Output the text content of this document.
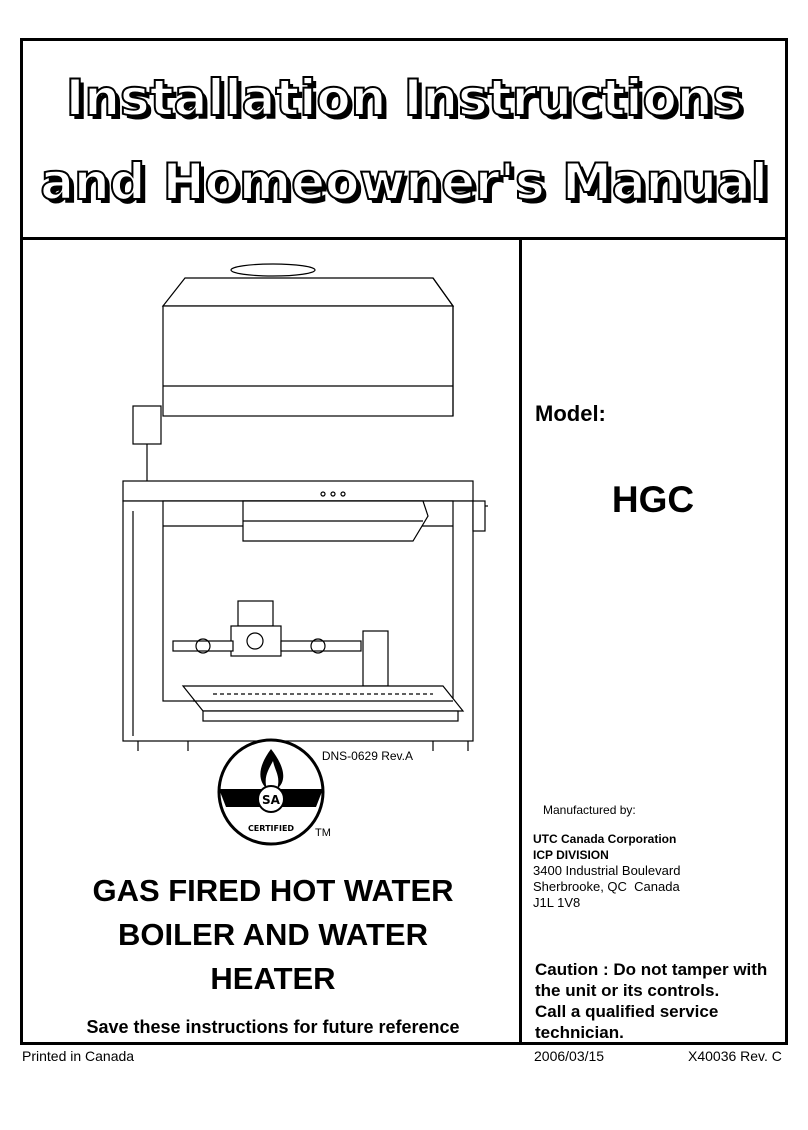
Installation Instructions
and Homeowner's Manual
DNS-0629 Rev.A
SA
CERTIFIED TM
GAS FIRED HOT WATER
BOILER AND WATER
HEATER
Save these instructions for future reference
Model:
HGC
Manufactured by:
UTC Canada Corporation
ICP DIVISION
3400 Industrial Boulevard
Sherbrooke, QC  Canada
J1L 1V8
Caution : Do not tamper with
the unit or its controls.
Call a qualified service
technician.
Printed in Canada	2006/03/15	X40036 Rev. C
